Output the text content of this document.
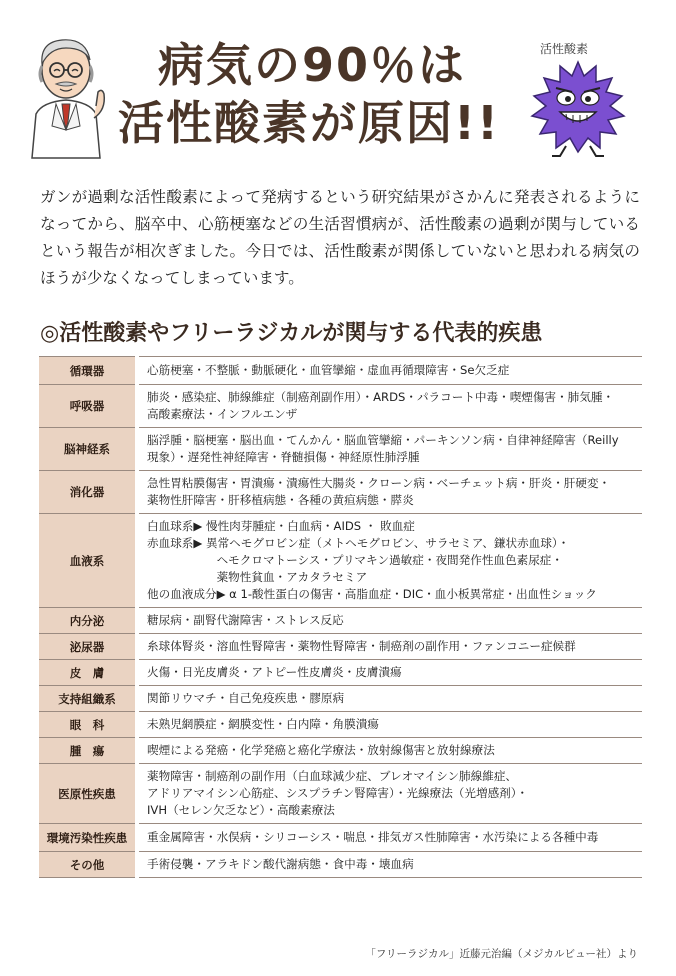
病気の90％は
活性酸素が原因!!
活性酸素
ガンが過剰な活性酸素によって発病するという研究結果がさかんに発表されるようになってから、脳卒中、心筋梗塞などの生活習慣病が、活性酸素の過剰が関与しているという報告が相次ぎました。今日では、活性酸素が関係していないと思われる病気のほうが少なくなってしまっています。
◎活性酸素やフリーラジカルが関与する代表的疾患
循環器	心筋梗塞・不整脈・動脈硬化・血管攣縮・虚血再循環障害・Se欠乏症
呼吸器	肺炎・感染症、肺線維症（制癌剤副作用）・ARDS・パラコート中毒・喫煙傷害・肺気腫・
高酸素療法・インフルエンザ
脳神経系	脳浮腫・脳梗塞・脳出血・てんかん・脳血管攣縮・パーキンソン病・自律神経障害（Reilly
現象）・遅発性神経障害・脊髄損傷・神経原性肺浮腫
消化器	急性胃粘膜傷害・胃潰瘍・潰瘍性大腸炎・クローン病・ベーチェット病・肝炎・肝硬変・
薬物性肝障害・肝移植病態・各種の黄疸病態・膵炎
血液系	白血球系▶ 慢性肉芽腫症・白血病・AIDS ・ 敗血症
赤血球系▶ 異常ヘモグロビン症（メトヘモグロビン、サラセミア、鎌状赤血球）・
　　　　　　ヘモクロマトーシス・プリマキン過敏症・夜間発作性血色素尿症・
　　　　　　薬物性貧血・アカタラセミア
他の血液成分▶ α 1-酸性蛋白の傷害・高脂血症・DIC・血小板異常症・出血性ショック
内分泌	糖尿病・副腎代謝障害・ストレス反応
泌尿器	糸球体腎炎・溶血性腎障害・薬物性腎障害・制癌剤の副作用・ファンコニー症候群
皮　膚	火傷・日光皮膚炎・アトピー性皮膚炎・皮膚潰瘍
支持組織系	関節リウマチ・自己免疫疾患・膠原病
眼　科	未熟児網膜症・網膜変性・白内障・角膜潰瘍
腫　瘍	喫煙による発癌・化学発癌と癌化学療法・放射線傷害と放射線療法
医原性疾患	薬物障害・制癌剤の副作用（白血球減少症、ブレオマイシン肺線維症、
アドリアマイシン心筋症、シスプラチン腎障害）・光線療法（光増感剤）・
IVH（セレン欠乏など）・高酸素療法
環境汚染性疾患	重金属障害・水俣病・シリコーシス・喘息・排気ガス性肺障害・水汚染による各種中毒
その他	手術侵襲・アラキドン酸代謝病態・食中毒・壊血病
「フリーラジカル」近藤元治編（メジカルビュー社）より
